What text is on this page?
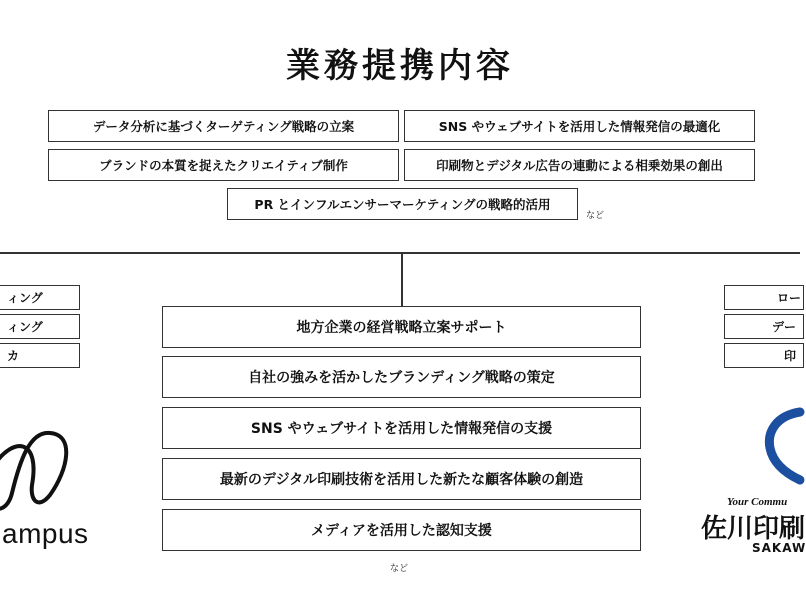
業務提携内容
データ分析に基づくターゲティング戦略の立案	SNS やウェブサイトを活用した情報発信の最適化
ブランドの本質を捉えたクリエイティブ制作	印刷物とデジタル広告の連動による相乗効果の創出
PR とインフルエンサーマーケティングの戦略的活用
など
ィング
ィング
カ
ロー
デー
印
地方企業の経営戦略立案サポート
自社の強みを活かしたブランディング戦略の策定
SNS やウェブサイトを活用した情報発信の支援
最新のデジタル印刷技術を活用した新たな顧客体験の創造
メディアを活用した認知支援
など
ampus
Your Commu
佐川印刷
SAKAW
